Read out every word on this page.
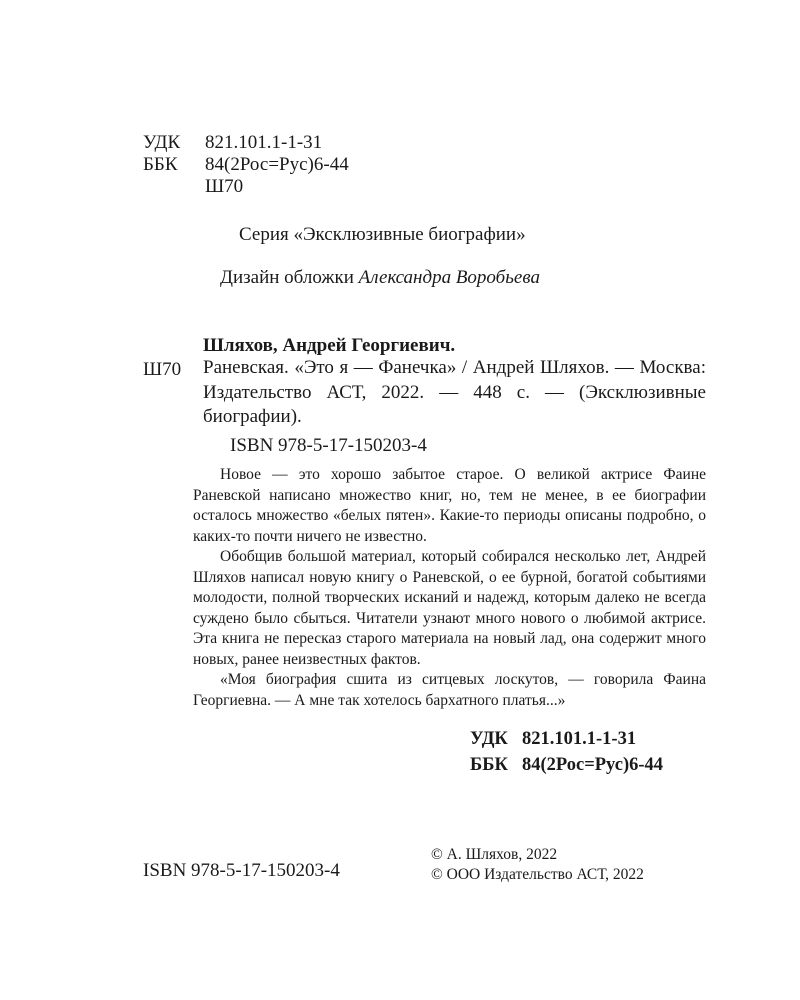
УДК 821.101.1-1-31
ББК 84(2Рос=Рус)6-44
Ш70
Серия «Эксклюзивные биографии»
Дизайн обложки Александра Воробьева
Шляхов, Андрей Георгиевич.
Ш70 Раневская. «Это я — Фанечка» / Андрей Шляхов. — Москва: Издательство АСТ, 2022. — 448 с. — (Эксклюзивные биографии).
ISBN 978-5-17-150203-4

Новое — это хорошо забытое старое. О великой актрисе Фаине Раневской написано множество книг, но, тем не менее, в ее биографии осталось множество «белых пятен». Какие-то периоды описаны подробно, о каких-то почти ничего не известно.

Обобщив большой материал, который собирался несколько лет, Андрей Шляхов написал новую книгу о Раневской, о ее бурной, богатой событиями молодости, полной творческих исканий и надежд, которым далеко не всегда суждено было сбыться. Читатели узнают много нового о любимой актрисе. Эта книга не пересказ старого материала на новый лад, она содержит много новых, ранее неизвестных фактов.

«Моя биография сшита из ситцевых лоскутов, — говорила Фаина Георгиевна. — А мне так хотелось бархатного платья...»

УДК 821.101.1-1-31
ББК 84(2Рос=Рус)6-44
ISBN 978-5-17-150203-4
© А. Шляхов, 2022
© ООО Издательство АСТ, 2022
